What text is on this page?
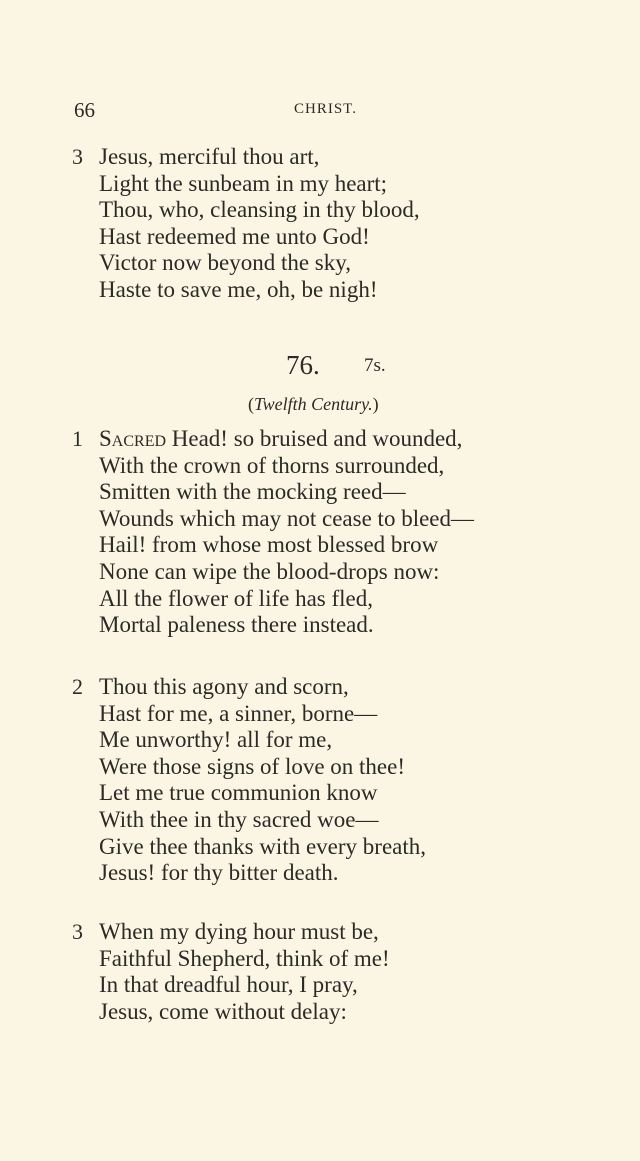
66	CHRIST.
3 Jesus, merciful thou art,
Light the sunbeam in my heart;
Thou, who, cleansing in thy blood,
Hast redeemed me unto God!
Victor now beyond the sky,
Haste to save me, oh, be nigh!
76. 7s.
(Twelfth Century.)
1 Sacred Head! so bruised and wounded,
With the crown of thorns surrounded,
Smitten with the mocking reed—
Wounds which may not cease to bleed—
Hail! from whose most blessed brow
None can wipe the blood-drops now:
All the flower of life has fled,
Mortal paleness there instead.
2 Thou this agony and scorn,
Hast for me, a sinner, borne—
Me unworthy! all for me,
Were those signs of love on thee!
Let me true communion know
With thee in thy sacred woe—
Give thee thanks with every breath,
Jesus! for thy bitter death.
3 When my dying hour must be,
Faithful Shepherd, think of me!
In that dreadful hour, I pray,
Jesus, come without delay:
